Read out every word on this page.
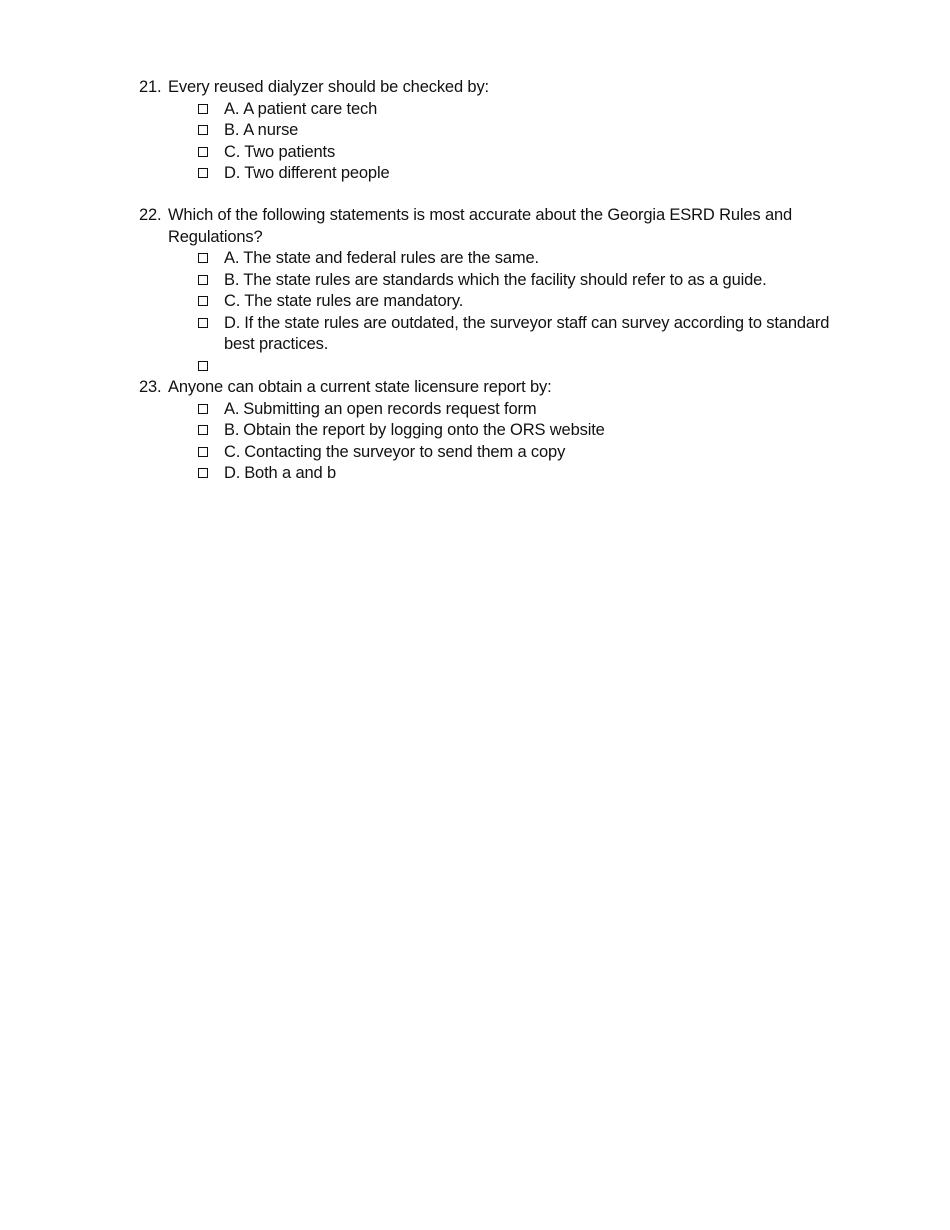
21. Every reused dialyzer should be checked by:
A. A patient care tech
B. A nurse
C. Two patients
D. Two different people
22. Which of the following statements is most accurate about the Georgia ESRD Rules and Regulations?
A. The state and federal rules are the same.
B. The state rules are standards which the facility should refer to as a guide.
C. The state rules are mandatory.
D. If the state rules are outdated, the surveyor staff can survey according to standard best practices.
23. Anyone can obtain a current state licensure report by:
A. Submitting an open records request form
B. Obtain the report by logging onto the ORS website
C. Contacting the surveyor to send them a copy
D. Both a and b
